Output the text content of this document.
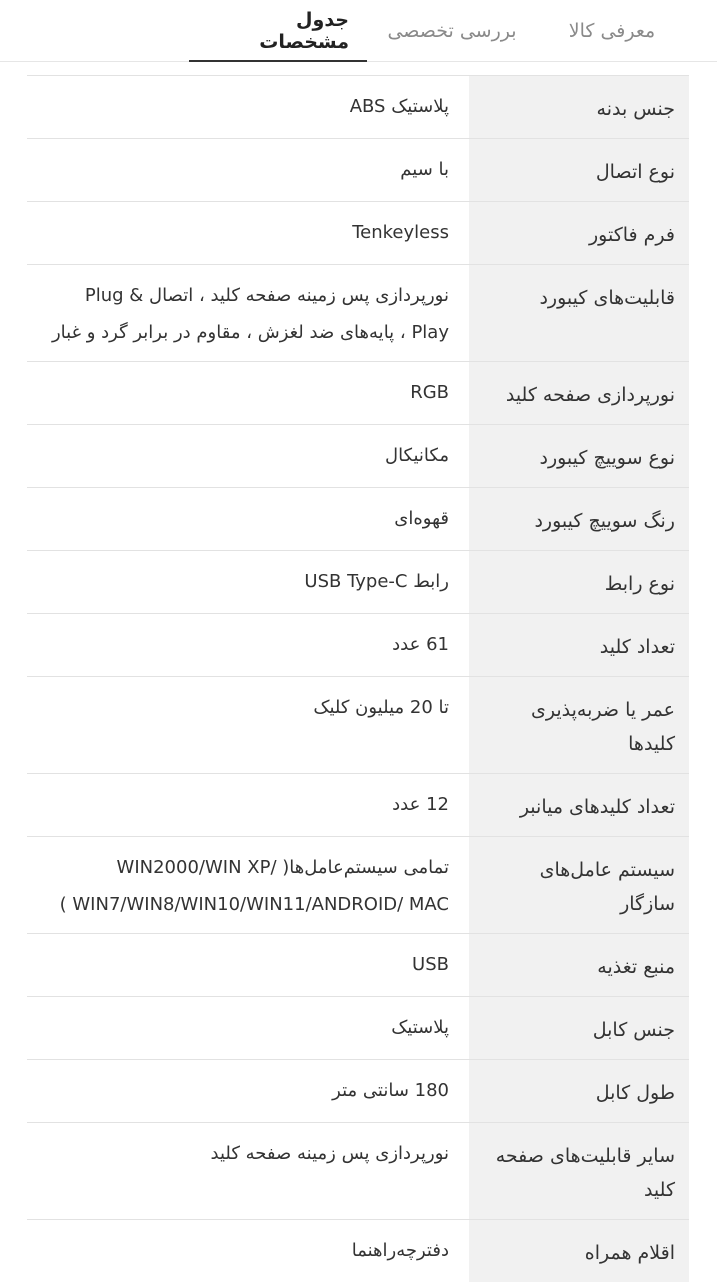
معرفی کالا
بررسی تخصصی
جدول مشخصات
جنس بدنه
پلاستیک ABS
نوع اتصال
با سیم
فرم فاکتور
Tenkeyless
قابلیت‌های کیبورد
نورپردازی پس زمینه صفحه کلید ، اتصال Plug & Play ، پایه‌های ضد لغزش ، مقاوم در برابر گرد و غبار
نورپردازی صفحه کلید
RGB
نوع سوییچ کیبورد
مکانیکال
رنگ سوییچ کیبورد
قهوه‌ای
نوع رابط
رابط USB Type-C
تعداد کلید
61 عدد
عمر یا ضربه‌پذیری کلیدها
تا 20 میلیون کلیک
تعداد کلیدهای میانبر
12 عدد
سیستم عامل‌های سازگار
تمامی سیستم‌عامل‌ها( WIN2000/WIN XP/ WIN7/WIN8/WIN10/WIN11/ANDROID/ MAC )
منبع تغذیه
USB
جنس کابل
پلاستیک
طول کابل
180 سانتی متر
سایر قابلیت‌های صفحه کلید
نورپردازی پس زمینه صفحه کلید
اقلام همراه
دفترچه‌راهنما
